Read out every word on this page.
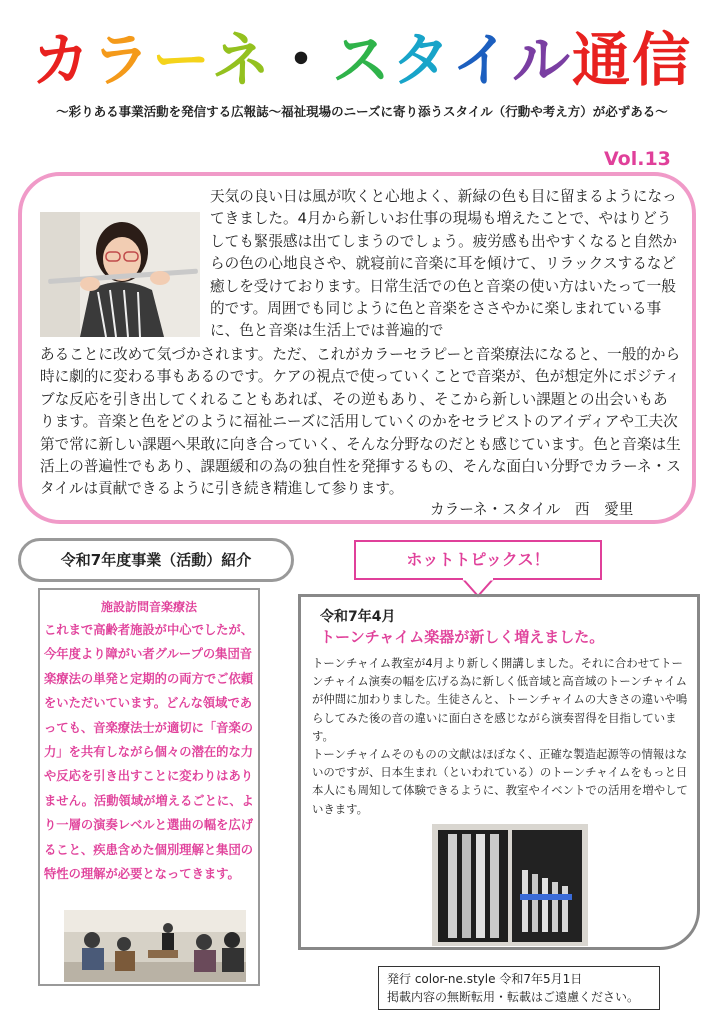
カラーネ・スタイル通信
～彩りある事業活動を発信する広報誌～福祉現場のニーズに寄り添うスタイル（行動や考え方）が必ずある～
Vol.13
天気の良い日は風が吹くと心地よく、新緑の色も目に留まるようになってきました。4月から新しいお仕事の現場も増えたことで、やはりどうしても緊張感は出てしまうのでしょう。疲労感も出やすくなると自然からの色の心地良さや、就寝前に音楽に耳を傾けて、リラックスするなど癒しを受けております。日常生活での色と音楽の使い方はいたって一般的です。周囲でも同じように色と音楽をささやかに楽しまれている事に、色と音楽は生活上では普遍的で
あることに改めて気づかされます。ただ、これがカラーセラピーと音楽療法になると、一般的から時に劇的に変わる事もあるのです。ケアの視点で使っていくことで音楽が、色が想定外にポジティブな反応を引き出してくれることもあれば、その逆もあり、そこから新しい課題との出会いもあります。音楽と色をどのように福祉ニーズに活用していくのかをセラピストのアイディアや工夫次第で常に新しい課題へ果敢に向き合っていく、そんな分野なのだとも感じています。色と音楽は生活上の普遍性でもあり、課題緩和の為の独自性を発揮するもの、そんな面白い分野でカラーネ・スタイルは貢献できるように引き続き精進して参ります。
カラーネ・スタイル　西　愛里
令和7年度事業（活動）紹介	ホットトピックス！
施設訪問音楽療法
これまで高齢者施設が中心でしたが、今年度より障がい者グループの集団音楽療法の単発と定期的の両方でご依頼をいただいています。どんな領域であっても、音楽療法士が適切に「音楽の力」を共有しながら個々の潜在的な力や反応を引き出すことに変わりはありません。活動領域が増えるごとに、より一層の演奏レベルと選曲の幅を広げること、疾患含めた個別理解と集団の特性の理解が必要となってきます。
令和7年4月
トーンチャイム楽器が新しく増えました。
トーンチャイム教室が4月より新しく開講しました。それに合わせてトーンチャイム演奏の幅を広げる為に新しく低音域と高音域のトーンチャイムが仲間に加わりました。生徒さんと、トーンチャイムの大きさの違いや鳴らしてみた後の音の違いに面白さを感じながら演奏習得を目指しています。
トーンチャイムそのものの文献はほぼなく、正確な製造起源等の情報はないのですが、日本生まれ（といわれている）のトーンチャイムをもっと日本人にも周知して体験できるように、教室やイベントでの活用を増やしていきます。
発行 color-ne.style 令和7年5月1日
掲載内容の無断転用・転載はご遠慮ください。
